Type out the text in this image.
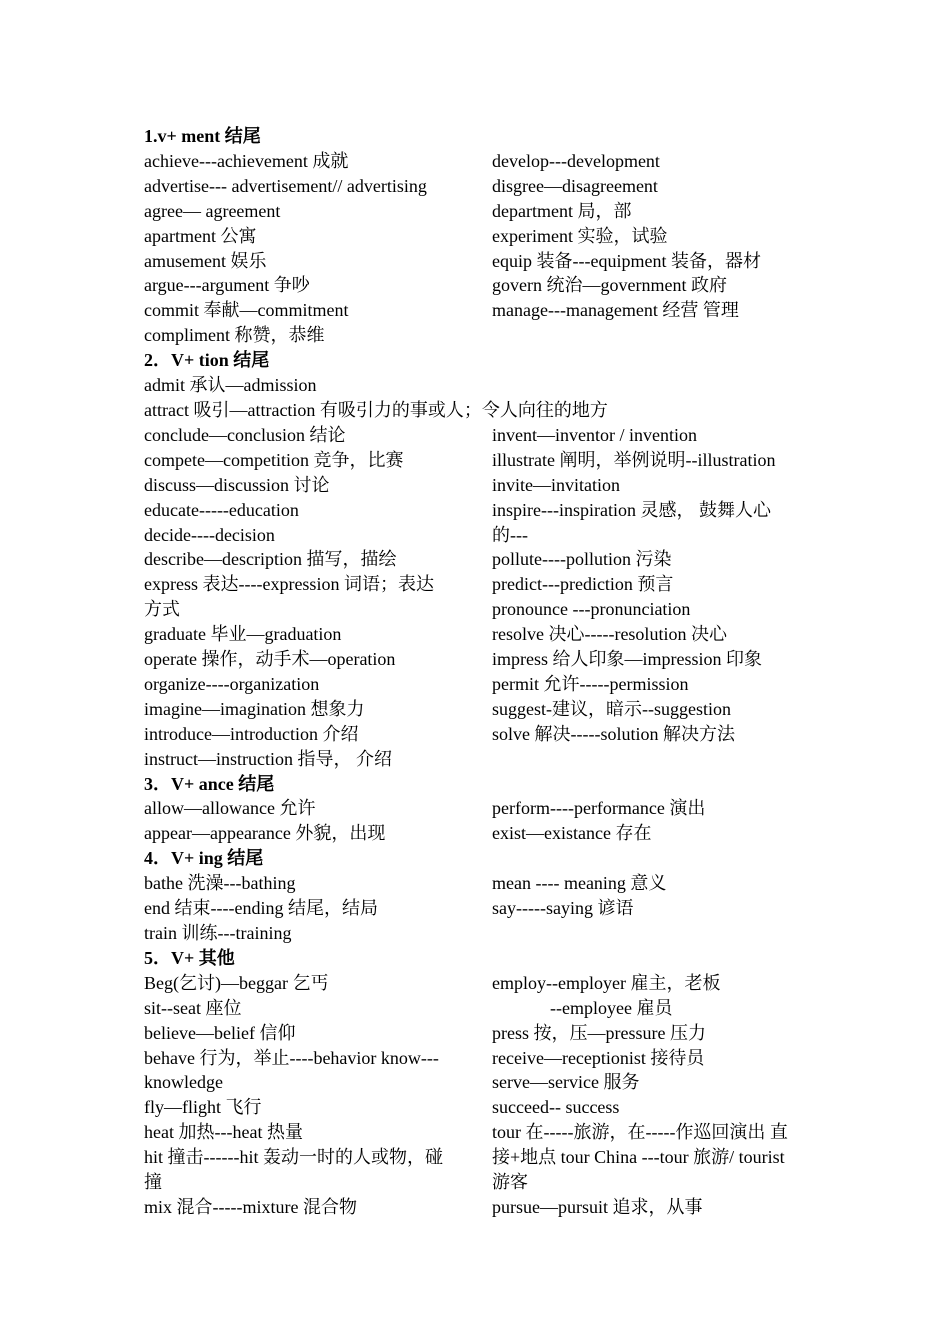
1.v+ ment 结尾
achieve---achievement 成就	develop---development
advertise--- advertisement// advertising	disgree—disagreement
agree— agreement	department 局，部
apartment 公寓	experiment 实验，试验
amusement 娱乐	equip 装备---equipment 装备，器材
argue---argument 争吵	govern 统治—government 政府
commit 奉献—commitment	manage---management 经营 管理
compliment 称赞，恭维
2．V+ tion 结尾
admit 承认—admission
attract 吸引—attraction 有吸引力的事或人；令人向往的地方
conclude—conclusion 结论	invent—inventor / invention
compete—competition 竞争，比赛	illustrate 阐明，举例说明--illustration
discuss—discussion 讨论	invite—invitation
educate-----education	inspire---inspiration 灵感， 鼓舞人心
decide----decision	的---
describe—description 描写，描绘	pollute----pollution 污染
express 表达----expression 词语；表达	predict---prediction 预言
方式	pronounce ---pronunciation
graduate 毕业—graduation	resolve 决心-----resolution 决心
operate 操作，动手术—operation	impress 给人印象—impression 印象
organize----organization	permit 允许-----permission
imagine—imagination 想象力	suggest-建议，暗示--suggestion
introduce—introduction 介绍	solve 解决-----solution 解决方法
instruct—instruction 指导， 介绍
3．V+ ance 结尾
allow—allowance 允许	perform----performance 演出
appear—appearance 外貌，出现	exist—existance 存在
4．V+ ing 结尾
bathe 洗澡---bathing	mean ---- meaning 意义
end 结束----ending 结尾，结局	say-----saying 谚语
train 训练---training
5．V+ 其他
Beg(乞讨)—beggar 乞丐	employ--employer 雇主，老板
sit--seat 座位	--employee 雇员
believe—belief 信仰	press 按，压—pressure 压力
behave 行为，举止----behavior know---	receive—receptionist 接待员
knowledge	serve—service 服务
fly—flight 飞行	succeed-- success
heat 加热---heat 热量	tour 在-----旅游，在-----作巡回演出 直
hit 撞击------hit 轰动一时的人或物，碰	接+地点 tour China ---tour 旅游/ tourist
撞	游客
mix 混合-----mixture 混合物	pursue—pursuit 追求，从事
